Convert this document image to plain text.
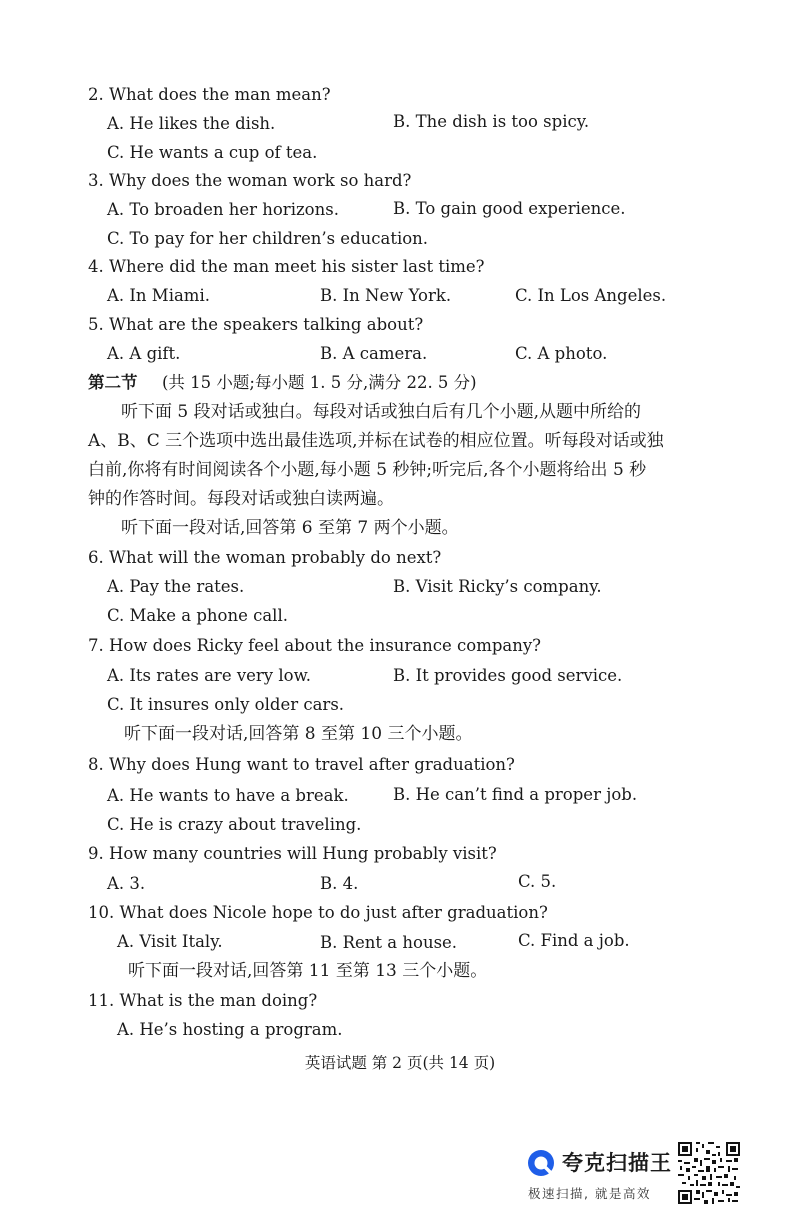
2. What does the man mean?
A. He likes the dish.	B. The dish is too spicy.
C. He wants a cup of tea.
3. Why does the woman work so hard?
A. To broaden her horizons.	B. To gain good experience.
C. To pay for her children’s education.
4. Where did the man meet his sister last time?
A. In Miami.	B. In New York.	C. In Los Angeles.
5. What are the speakers talking about?
A. A gift.	B. A camera.	C. A photo.
第二节 (共 15 小题;每小题 1. 5 分,满分 22. 5 分)
听下面 5 段对话或独白。每段对话或独白后有几个小题,从题中所给的
A、B、C 三个选项中选出最佳选项,并标在试卷的相应位置。听每段对话或独
白前,你将有时间阅读各个小题,每小题 5 秒钟;听完后,各个小题将给出 5 秒
钟的作答时间。每段对话或独白读两遍。
听下面一段对话,回答第 6 至第 7 两个小题。
6. What will the woman probably do next?
A. Pay the rates.	B. Visit Ricky’s company.
C. Make a phone call.
7. How does Ricky feel about the insurance company?
A. Its rates are very low.	B. It provides good service.
C. It insures only older cars.
听下面一段对话,回答第 8 至第 10 三个小题。
8. Why does Hung want to travel after graduation?
A. He wants to have a break.	B. He can’t find a proper job.
C. He is crazy about traveling.
9. How many countries will Hung probably visit?
A. 3.	B. 4.	C. 5.
10. What does Nicole hope to do just after graduation?
A. Visit Italy.	B. Rent a house.	C. Find a job.
听下面一段对话,回答第 11 至第 13 三个小题。
11. What is the man doing?
A. He’s hosting a program.
英语试题 第 2 页(共 14 页)
夸克扫描王
极速扫描, 就是高效
